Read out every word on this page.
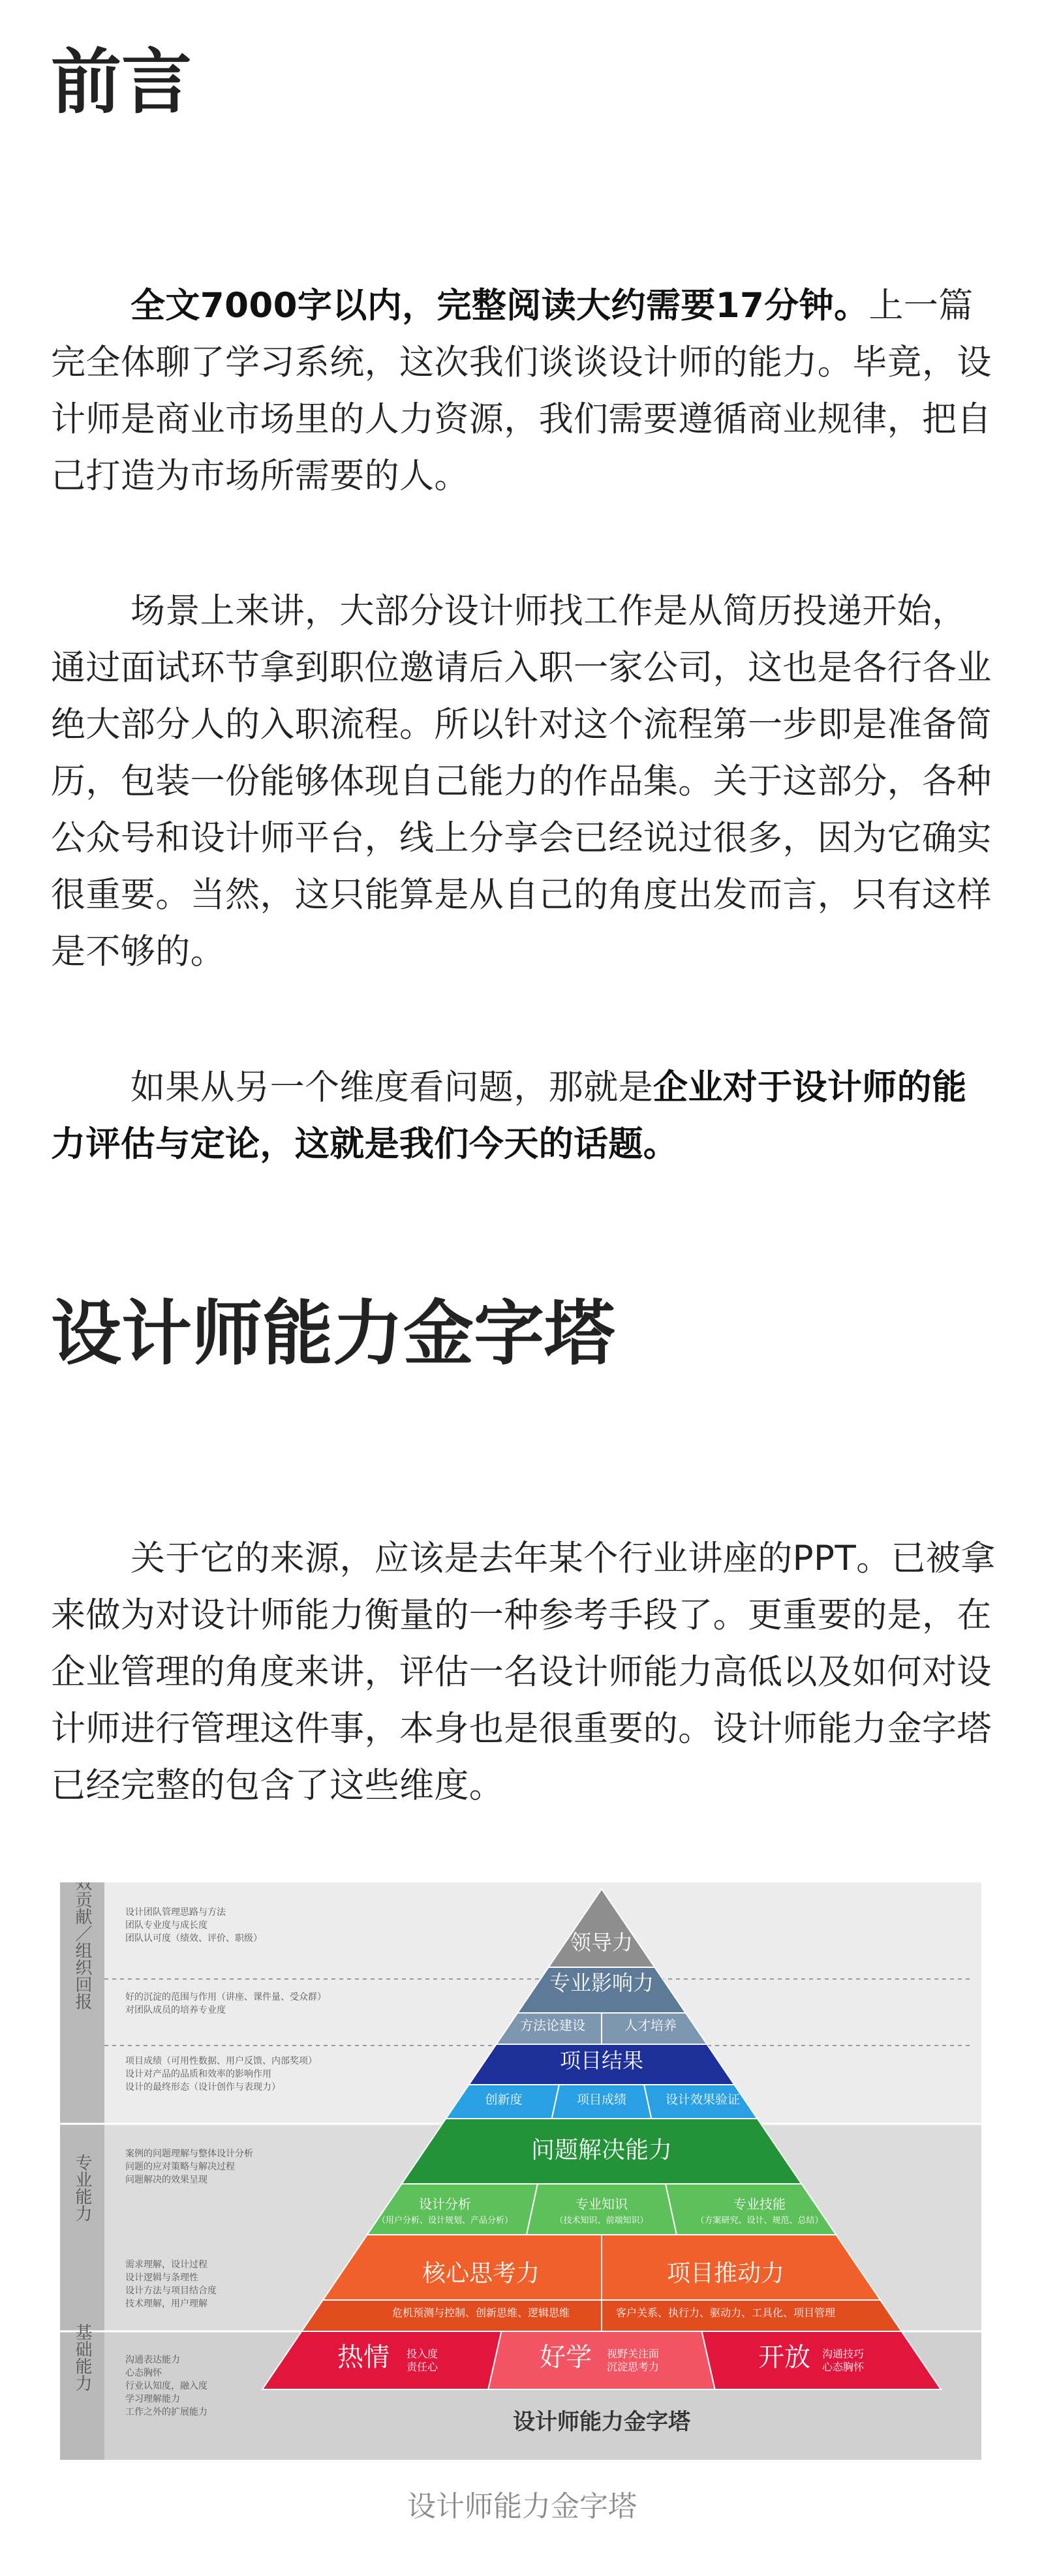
前言

全文7000字以内，完整阅读大约需要17分钟。上一篇完全体聊了学习系统，这次我们谈谈设计师的能力。毕竟，设计师是商业市场里的人力资源，我们需要遵循商业规律，把自己打造为市场所需要的人。

场景上来讲，大部分设计师找工作是从简历投递开始，通过面试环节拿到职位邀请后入职一家公司，这也是各行各业绝大部分人的入职流程。所以针对这个流程第一步即是准备简历，包装一份能够体现自己能力的作品集。关于这部分，各种公众号和设计师平台，线上分享会已经说过很多，因为它确实很重要。当然，这只能算是从自己的角度出发而言，只有这样是不够的。

如果从另一个维度看问题，那就是企业对于设计师的能力评估与定论，这就是我们今天的话题。

设计师能力金字塔

关于它的来源，应该是去年某个行业讲座的PPT。已被拿来做为对设计师能力衡量的一种参考手段了。更重要的是，在企业管理的角度来讲，评估一名设计师能力高低以及如何对设计师进行管理这件事，本身也是很重要的。设计师能力金字塔已经完整的包含了这些维度。

绩效贡献／组织回报
专业能力
基础能力
设计团队管理思路与方法
团队专业度与成长度
团队认可度（绩效、评价、职级）
好的沉淀的范围与作用（讲座、课件量、受众群）
对团队成员的培养专业度
项目成绩（可用性数据、用户反馈、内部奖项）
设计对产品的品质和效率的影响作用
设计的最终形态（设计创作与表现力）
案例的问题理解与整体设计分析
问题的应对策略与解决过程
问题解决的效果呈现
需求理解，设计过程
设计逻辑与条理性
设计方法与项目结合度
技术理解，用户理解
沟通表达能力
心态胸怀
行业认知度，融入度
学习理解能力
工作之外的扩展能力
领导力
专业影响力
方法论建设	人才培养
项目结果
创新度	项目成绩	设计效果验证
问题解决能力
设计分析
（用户分析、设计规划、产品分析）
专业知识
（技术知识、前端知识）
专业技能
（方案研究、设计、规范、总结）
核心思考力
危机预测与控制、创新思维、逻辑思维
项目推动力
客户关系、执行力、驱动力、工具化、项目管理
热情 投入度
责任心	好学 视野关注面
沉淀思考力	开放 沟通技巧
心态胸怀
设计师能力金字塔
设计师能力金字塔
